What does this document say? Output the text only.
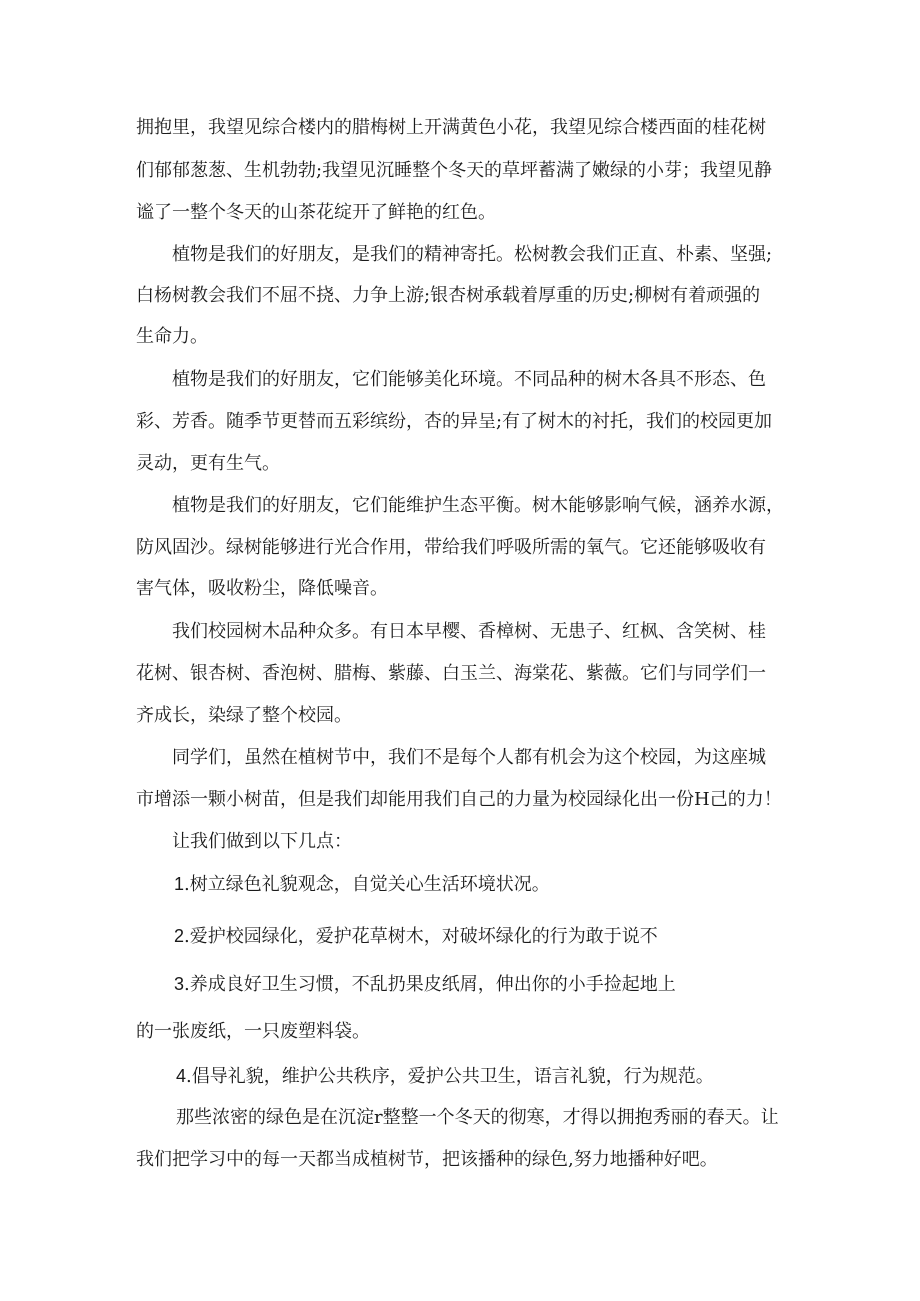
拥抱里，我望见综合楼内的腊梅树上开满黄色小花，我望见综合楼西面的桂花树
们郁郁葱葱、生机勃勃;我望见沉睡整个冬天的草坪蓄满了嫩绿的小芽；我望见静
谧了一整个冬天的山茶花绽开了鲜艳的红色。
植物是我们的好朋友，是我们的精神寄托。松树教会我们正直、朴素、坚强;
白杨树教会我们不屈不挠、力争上游;银杏树承载着厚重的历史;柳树有着顽强的
生命力。
植物是我们的好朋友，它们能够美化环境。不同品种的树木各具不形态、色
彩、芳香。随季节更替而五彩缤纷，杏的异呈;有了树木的衬托，我们的校园更加
灵动，更有生气。
植物是我们的好朋友，它们能维护生态平衡。树木能够影响气候，涵养水源，
防风固沙。绿树能够进行光合作用，带给我们呼吸所需的氧气。它还能够吸收有
害气体，吸收粉尘，降低噪音。
我们校园树木品种众多。有日本早樱、香樟树、无患子、红枫、含笑树、桂
花树、银杏树、香泡树、腊梅、紫藤、白玉兰、海棠花、紫薇。它们与同学们一
齐成长，染绿了整个校园。
同学们，虽然在植树节中，我们不是每个人都有机会为这个校园，为这座城
市增添一颗小树苗，但是我们却能用我们自己的力量为校园绿化出一份H己的力！
让我们做到以下几点：
1.树立绿色礼貌观念，自觉关心生活环境状况。
2.爱护校园绿化，爱护花草树木，对破坏绿化的行为敢于说不
3.养成良好卫生习惯，不乱扔果皮纸屑，伸出你的小手捡起地上
的一张废纸，一只废塑料袋。
4.倡导礼貌，维护公共秩序，爱护公共卫生，语言礼貌，行为规范。
那些浓密的绿色是在沉淀r整整一个冬天的彻寒，才得以拥抱秀丽的春天。让
我们把学习中的每一天都当成植树节，把该播种的绿色,努力地播种好吧。
